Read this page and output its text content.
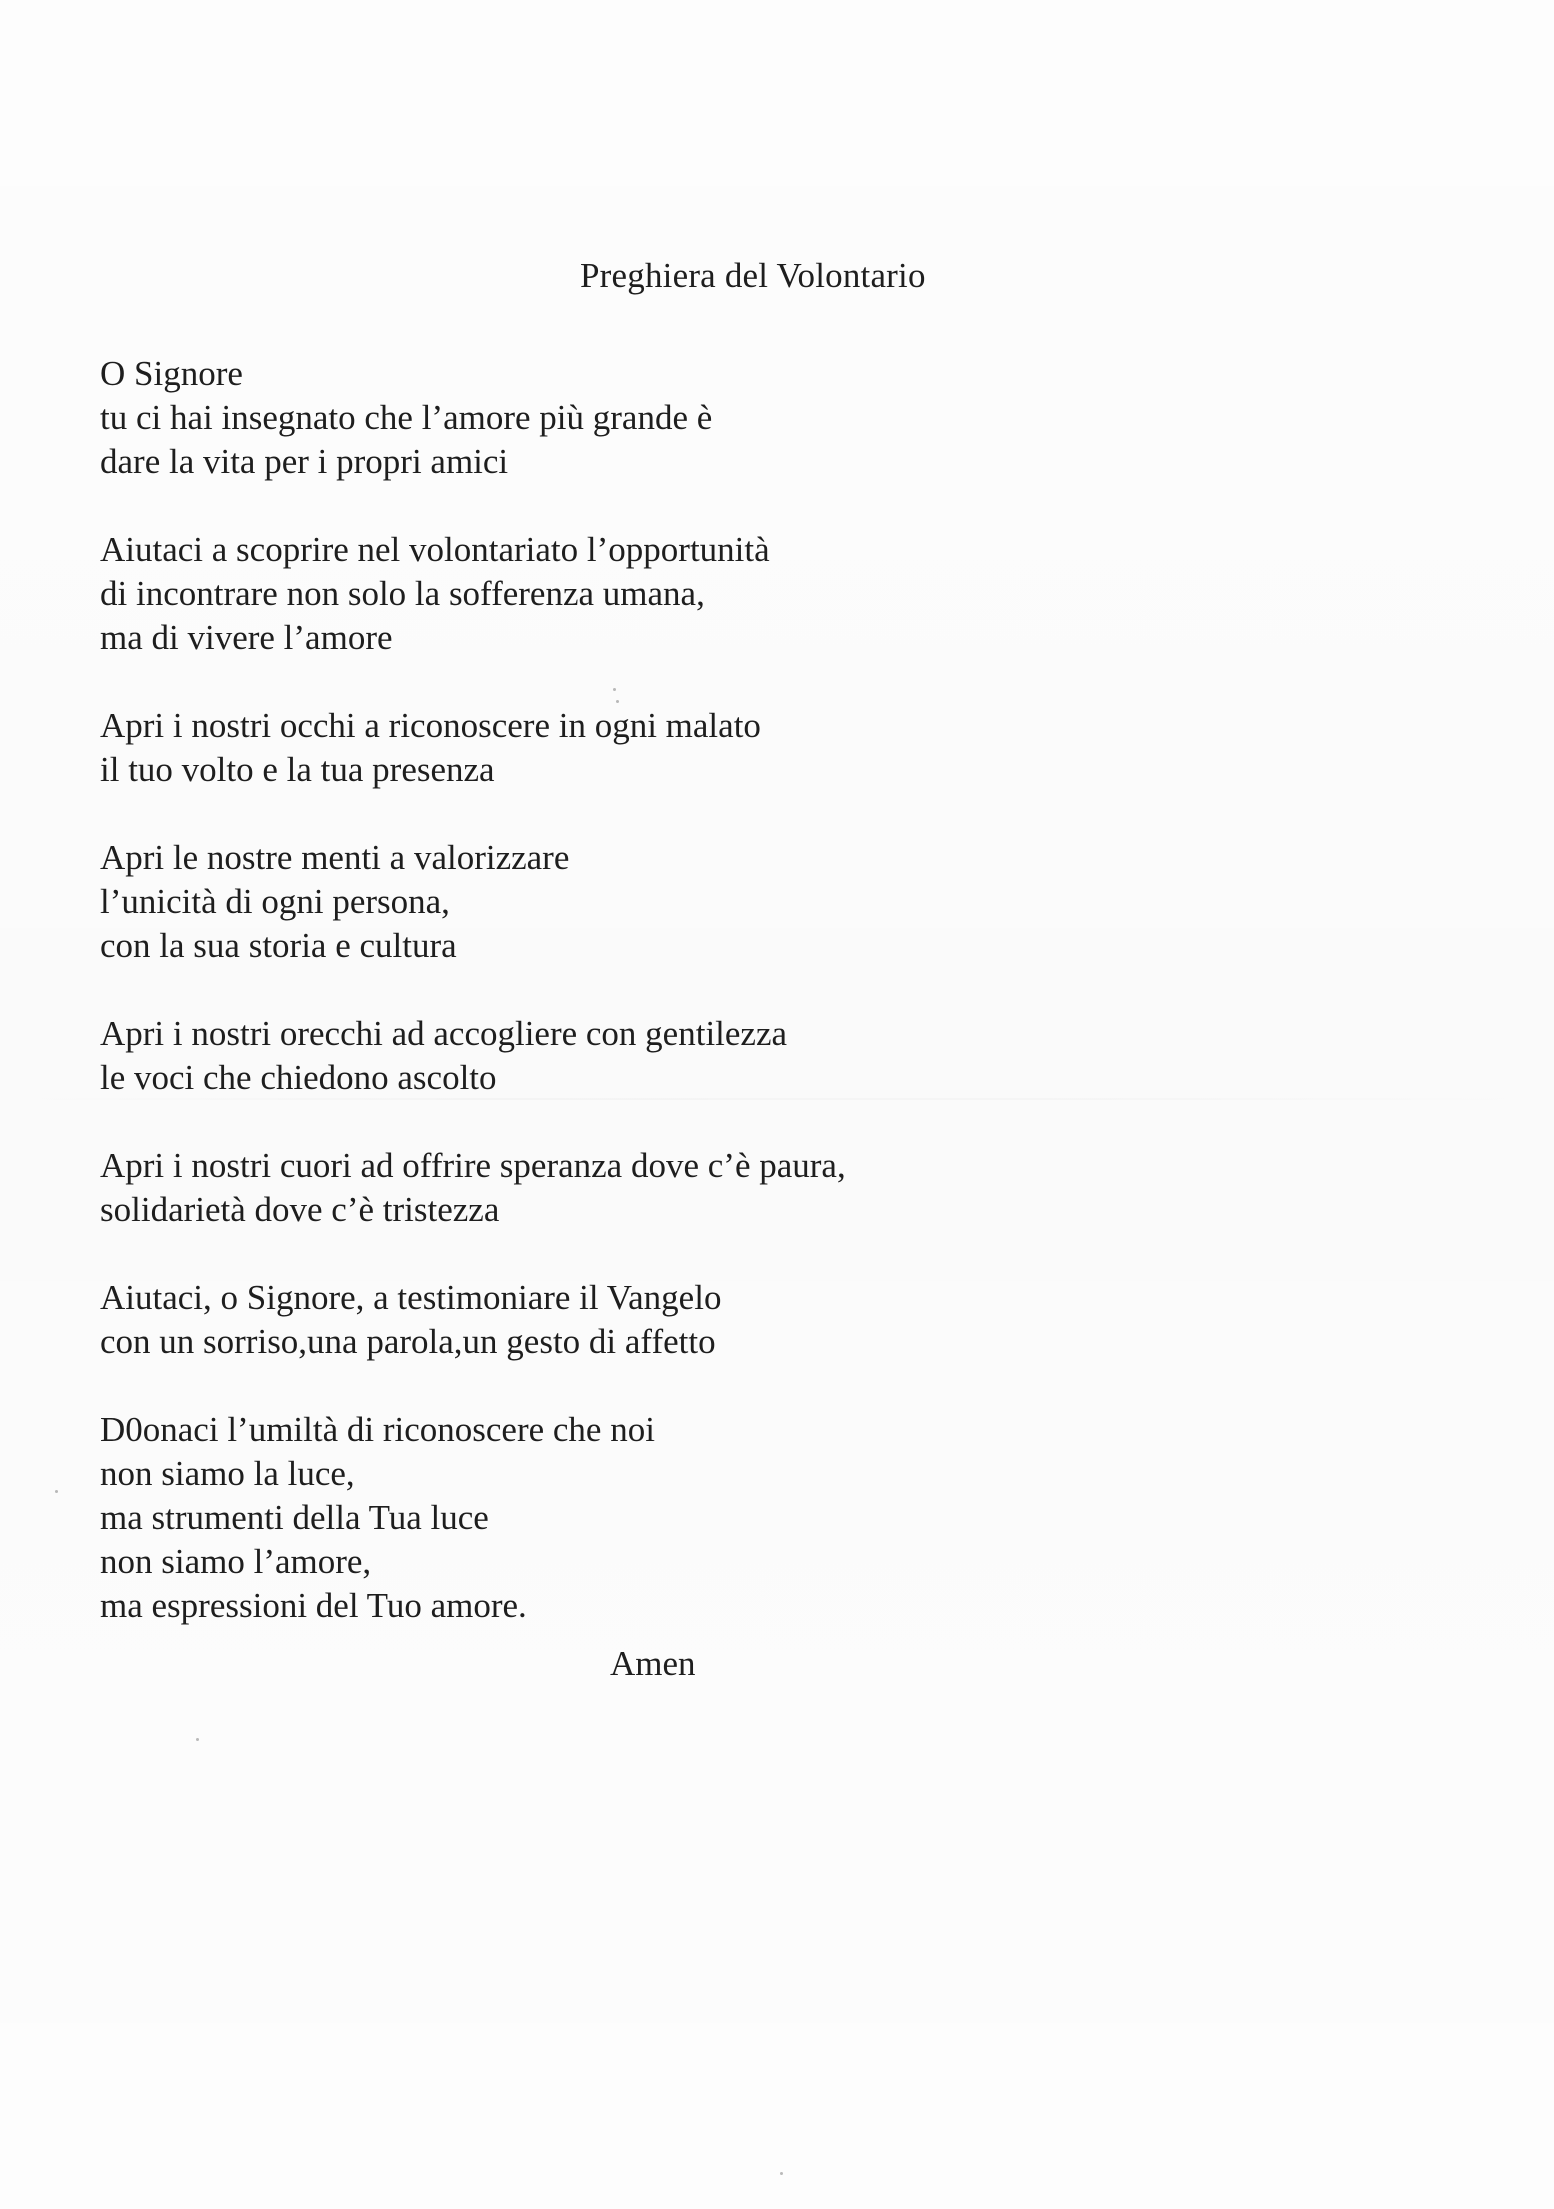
Preghiera del Volontario
O Signore
tu ci hai insegnato che l’amore più grande è
dare la vita per i propri amici
Aiutaci a scoprire nel volontariato l’opportunità
di incontrare non solo la sofferenza umana,
ma di vivere l’amore
Apri i nostri occhi a riconoscere in ogni malato
il tuo volto e la tua presenza
Apri le nostre menti a valorizzare
l’unicità di ogni persona,
con la sua storia e cultura
Apri i nostri orecchi ad accogliere con gentilezza
le voci che chiedono ascolto
Apri i nostri cuori ad offrire speranza dove c’è paura,
solidarietà dove c’è tristezza
Aiutaci, o Signore, a testimoniare il Vangelo
con un sorriso,una parola,un gesto di affetto
D0onaci l’umiltà di riconoscere che noi
non siamo la luce,
ma strumenti della Tua luce
non siamo l’amore,
ma espressioni del Tuo amore.
Amen
